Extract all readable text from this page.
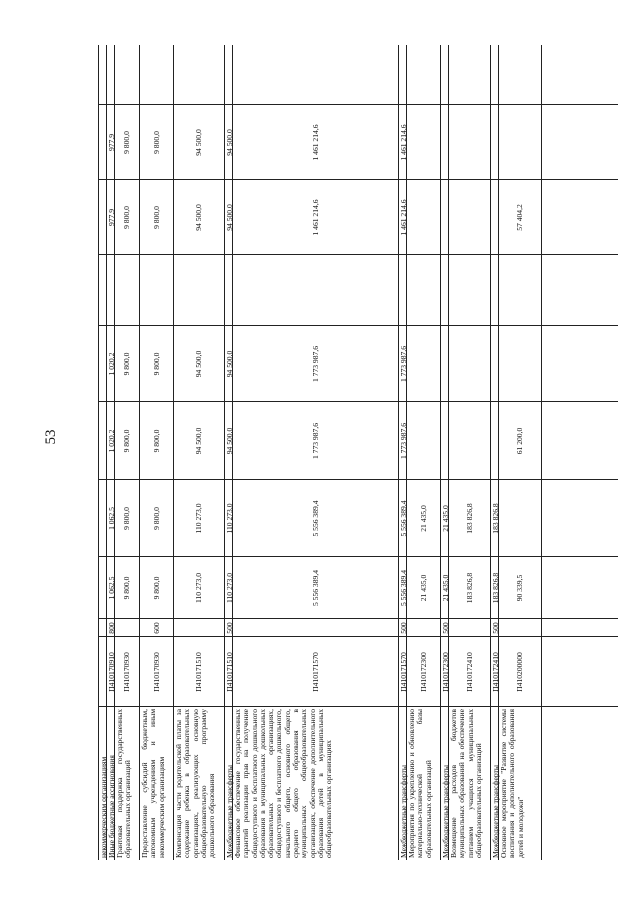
53
некоммерческим организациям Иные бюджетные ассигнования
П410170910
800
1 062,5
1 062,5
1 020,2
1 020,2
977,9
977,9
Грантовая поддержка государственных образовательных организаций
П410170930
9 800,0
9 800,0
9 800,0
9 800,0
9 800,0
9 800,0
Предоставление субсидий бюджетным, автономным учреждениям и иным некоммерческим организациям
П410170930
600
9 800,0
9 800,0
9 800,0
9 800,0
9 800,0
9 800,0
Компенсация части родительской платы за содержание ребенка в образовательных организациях, реализующих основную общеобразовательную программу дошкольного образования
П410171510
110 273,0
110 273,0
94 500,0
94 500,0
94 500,0
94 500,0
Межбюджетные трансферты
П410171510
500
110 273,0
110 273,0
94 500,0
94 500,0
94 500,0
94 500,0
Финансовое обеспечение государственных гарантий реализации прав на получение общедоступного и бесплатного дошкольного образования в муниципальных дошкольных образовательных организациях, общедоступного и бесплатного дошкольного, начального общего, основного общего, среднего общего образования в муниципальных общеобразовательных организациях, обеспечение дополнительного образования детей в муниципальных общеобразовательных организациях
П410171570
5 556 389,4
5 556 389,4
1 773 987,6
1 773 987,6
1 461 214,6
1 461 214,6
Межбюджетные трансферты
П410171570
500
5 556 389,4
5 556 389,4
1 773 987,6
1 773 987,6
1 461 214,6
1 461 214,6
Мероприятия по укреплению и обновлению материально-технической базы образовательных организаций
П410172300
21 435,0
21 435,0
Межбюджетные трансферты
П410172300
500
21 435,0
21 435,0
Возмещение расходов бюджетов муниципальных образований на обеспечение питанием учащихся муниципальных общеобразовательных организаций
П410172410
183 826,8
183 826,8
Межбюджетные трансферты
П410172410
500
183 826,8
183 826,8
Основное мероприятие "Развитие системы воспитания и дополнительного образования детей и молодежи"
П410200000
90 339,5
61 200,0
57 404,2
